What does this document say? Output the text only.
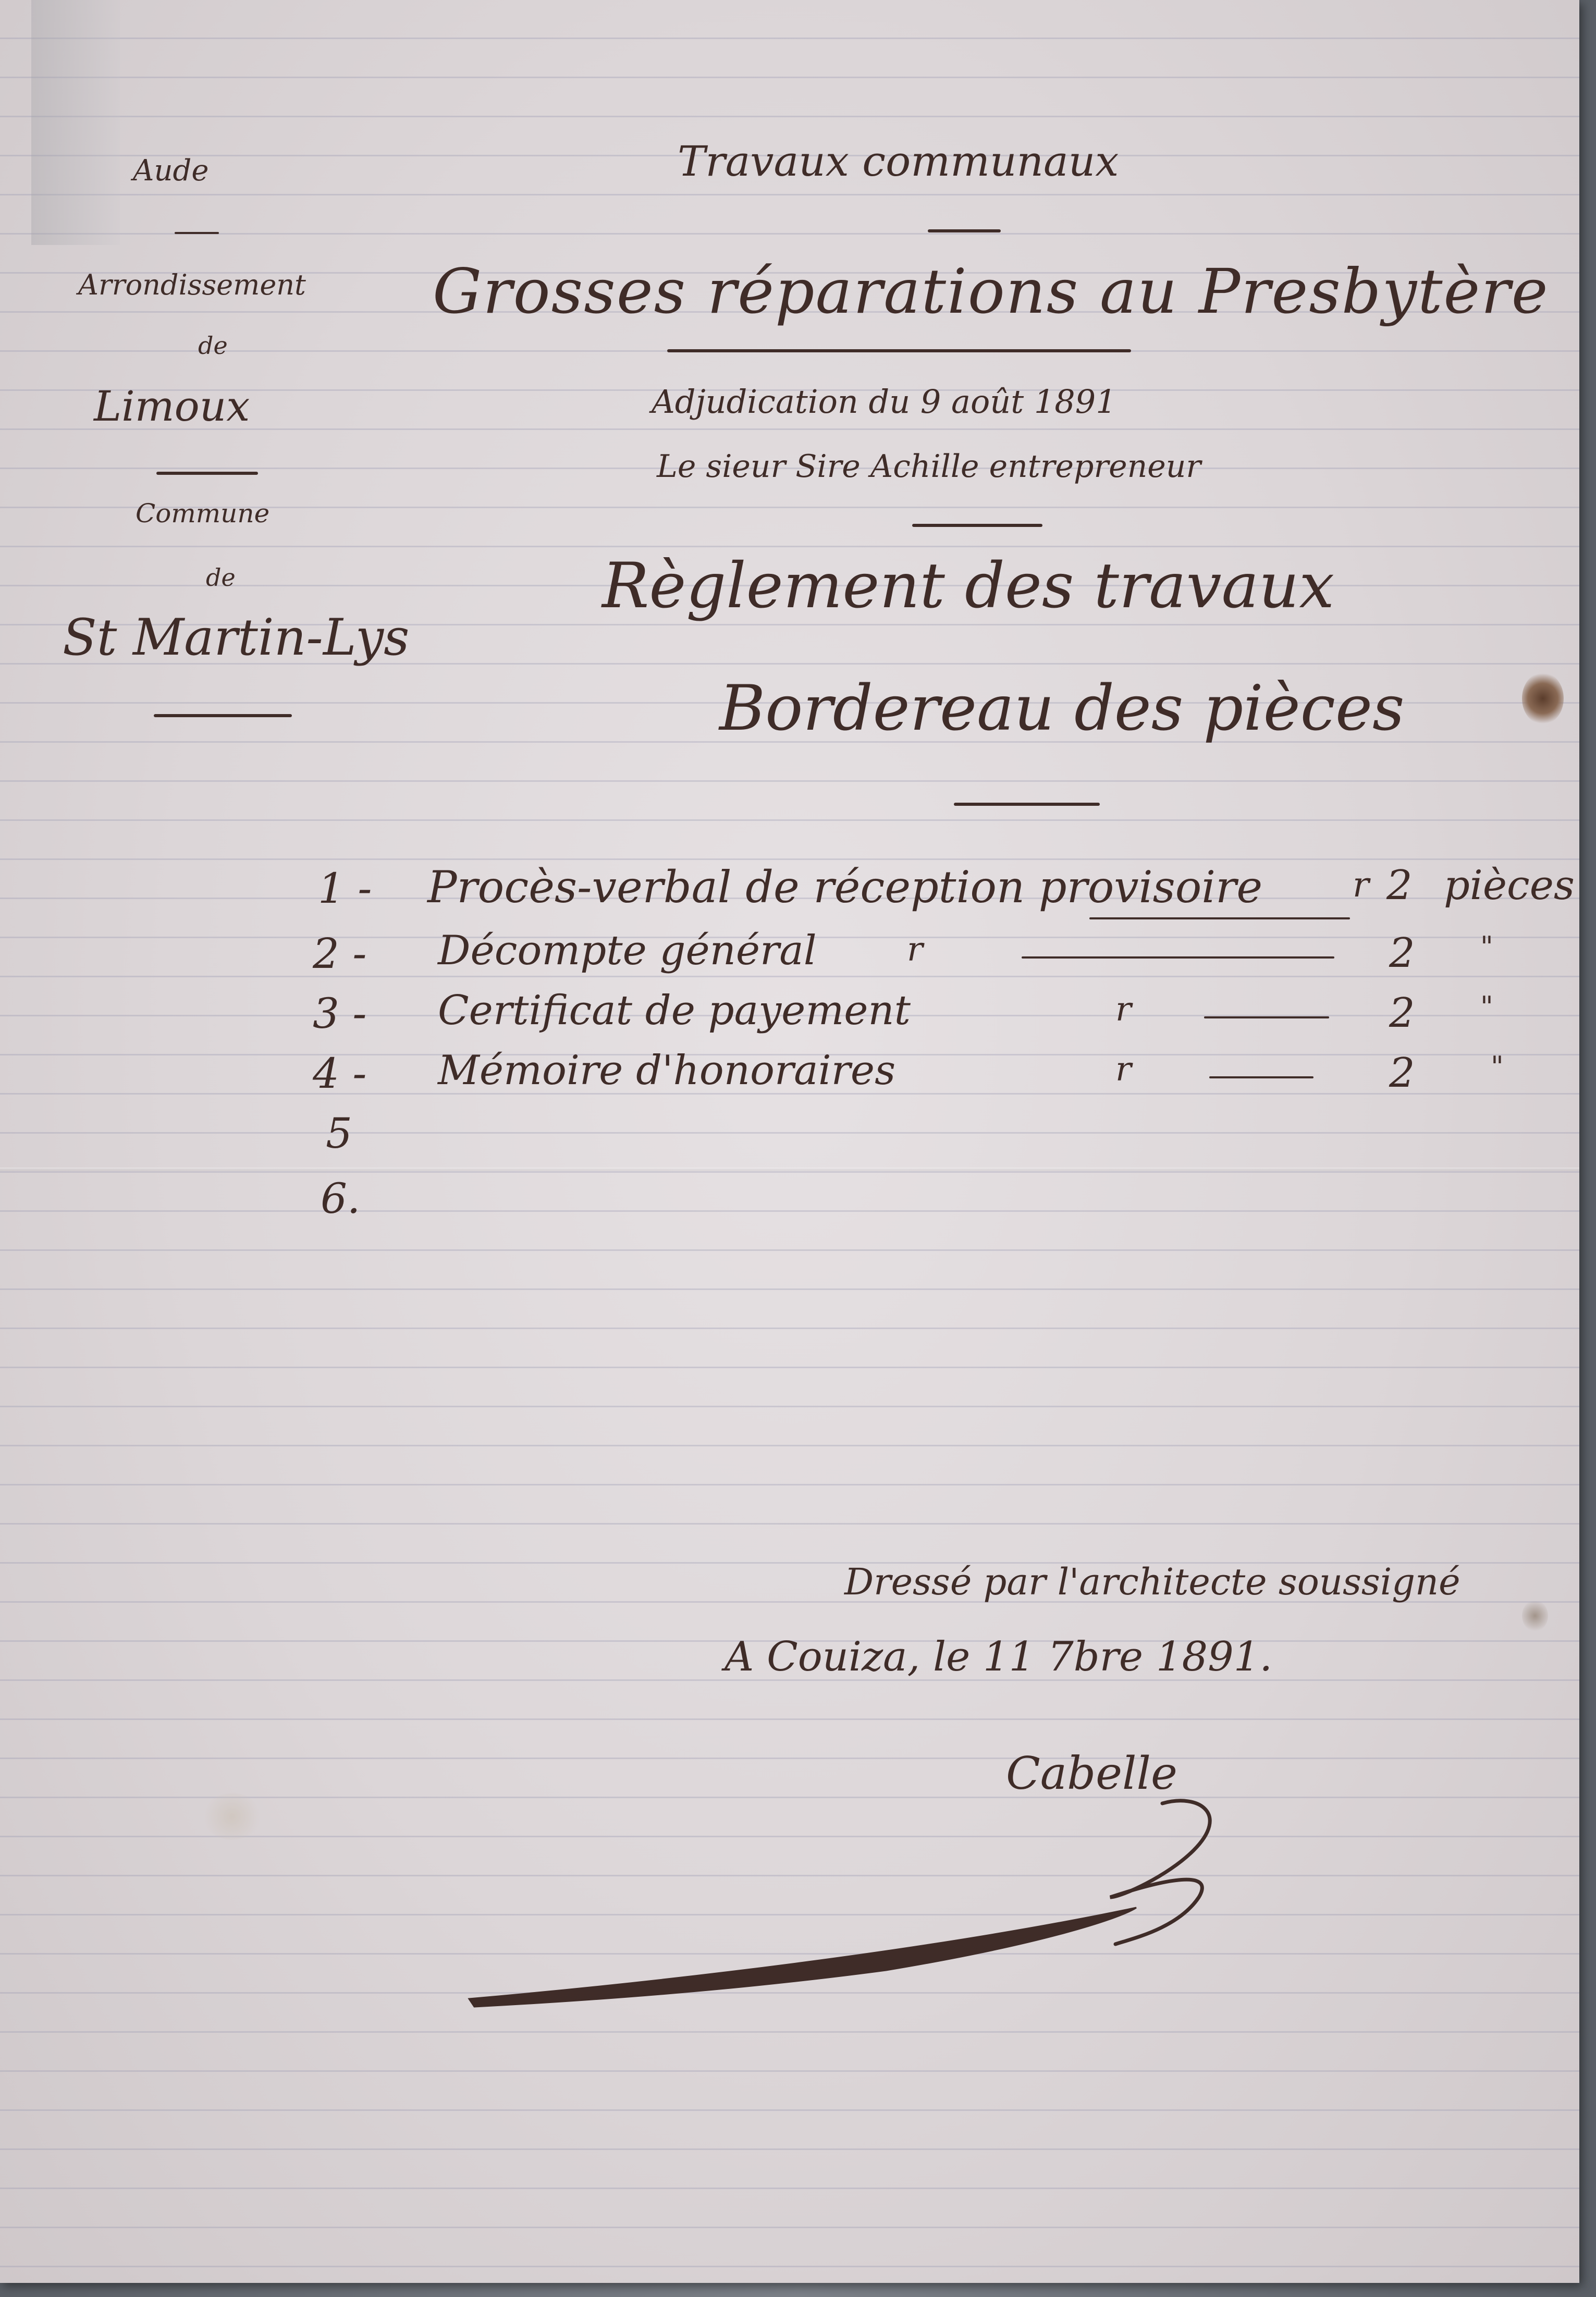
Aude
Arrondissement
de
Limoux
Commune
de
St Martin-Lys
Travaux communaux
Grosses réparations au Presbytère
Adjudication du 9 août 1891
Le sieur Sire Achille entrepreneur
Règlement des travaux
Bordereau des pièces
1 - Procès-verbal de réception provisoire	r 2 pièces
2 - Décompte général	r	2 "
3 - Certificat de payement	r	2 "
4 - Mémoire d'honoraires	r	2	"
5
6.
Dressé par l'architecte soussigné
A Couiza, le 11 7bre 1891.
Cabelle
